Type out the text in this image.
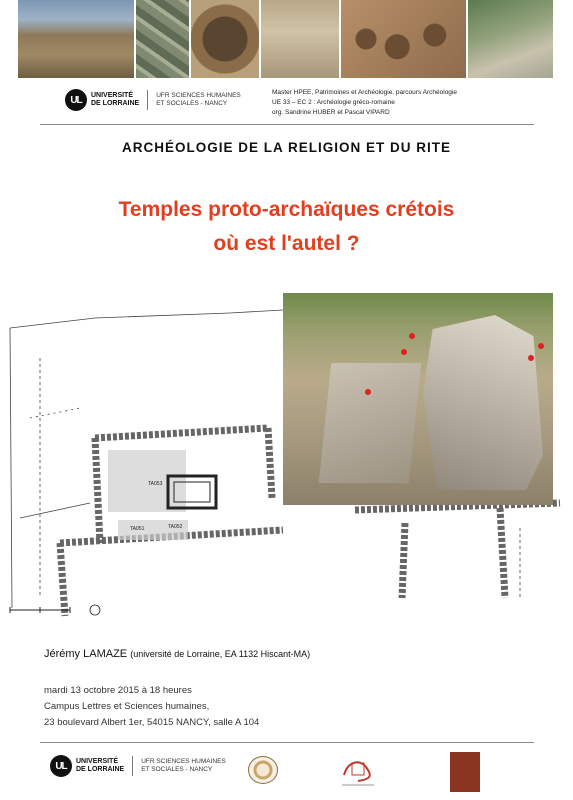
UL	UNIVERSITÉ
DE LORRAINE
UFR SCIENCES HUMAINES
ET SOCIALES - NANCY
Master HPEE, Patrimoines et Archéologie, parcours Archéologie
UE 33 – EC 2 : Archéologie gréco-romaine
org. Sandrine HUBER et Pascal VIPARD
ARCHÉOLOGIE DE LA RELIGION ET DU RITE
Temples proto-archaïques crétois
où est l'autel ?
TA053
TA051	TA052
Jérémy LAMAZE (université de Lorraine, EA 1132 Hiscant-MA)
mardi 13 octobre 2015 à 18 heures
Campus Lettres et Sciences humaines,
23 boulevard Albert 1er, 54015 NANCY, salle A 104
UL	UNIVERSITÉ
DE LORRAINE
UFR SCIENCES HUMAINES
ET SOCIALES - NANCY
